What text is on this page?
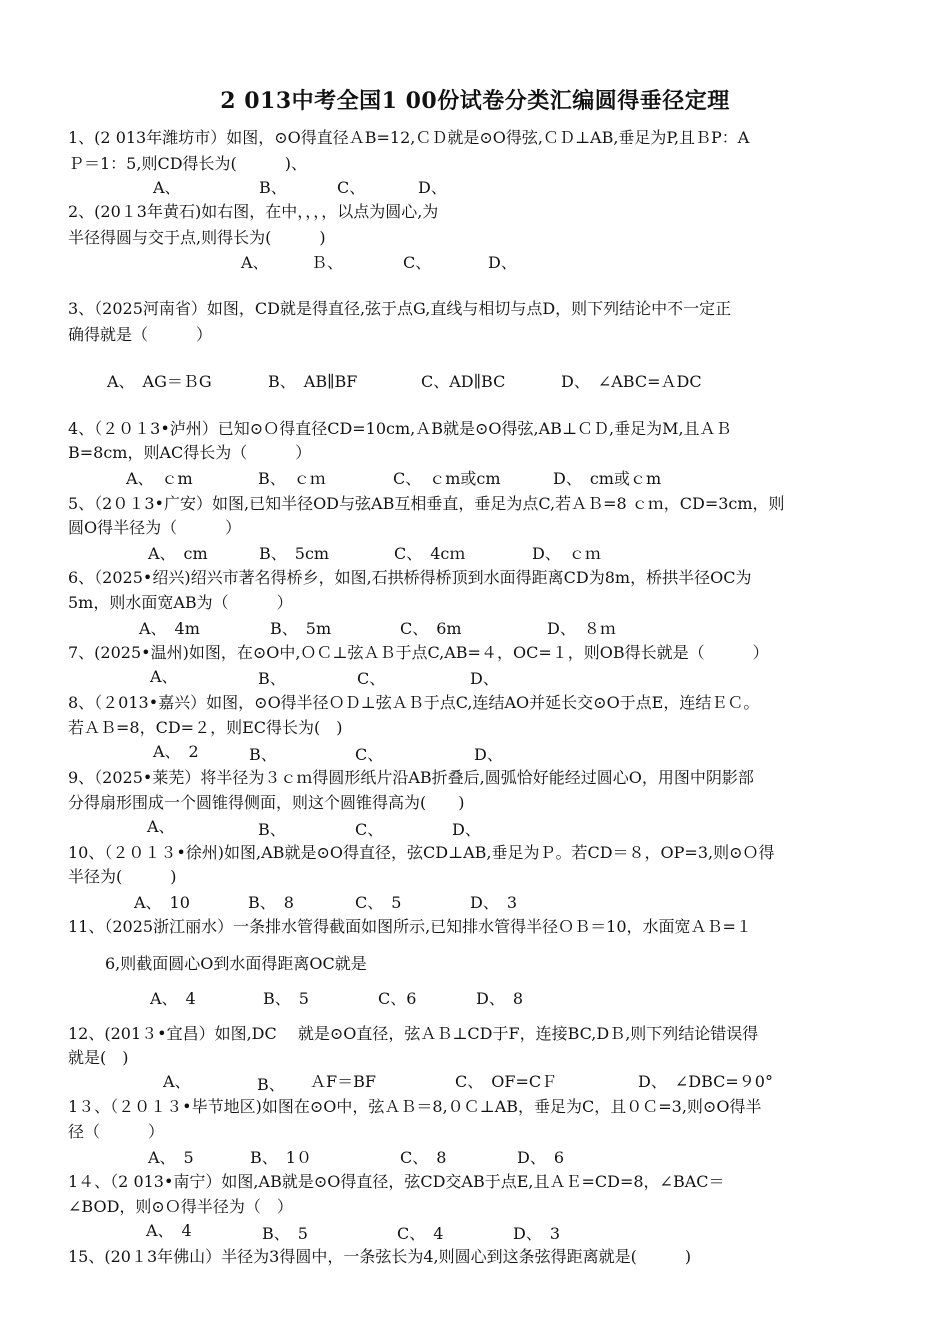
2 013中考全国1 00份试卷分类汇编圆得垂径定理
1、(2 013年潍坊市）如图，⊙O得直径ＡB=12,ＣＤ就是⊙O得弦,ＣＤ⊥AB,垂足为P,且ＢP：A
Ｐ＝1：5,则CD得长为(　　　)、
A、	B、	C、	D、
2、(20１3年黄石)如右图，在中，，，，以点为圆心,为
半径得圆与交于点,则得长为(　　　)
A、	Ｂ、	C、	D、
3、（2025河南省）如图，CD就是得直径,弦于点G,直线与相切与点D，则下列结论中不一定正
确得就是（　　　）
A、　AG＝ＢG	B、　AB∥BF	C、AD∥BC	D、　∠ABC=ＡDC
4、（２０１3•泸州）已知⊙Ｏ得直径CD=10cm,ＡB就是⊙O得弦,AB⊥ＣＤ,垂足为M,且ＡＢ
B=8cm，则AC得长为（　　　）
A、　ｃm	B、　ｃｍ	C、　ｃm或cm	D、　cm或ｃm
5、（2０１3•广安）如图,已知半径OD与弦AB互相垂直，垂足为点C,若ＡＢ=8 ｃｍ，CD=3cm，则
圆O得半径为（　　　）
A、　cm	B、　5cm	C、　4cｍ	D、　ｃｍ
6、（2025•绍兴)绍兴市著名得桥乡，如图,石拱桥得桥顶到水面得距离CD为8m，桥拱半径OC为
5m，则水面宽AB为（　　　）
A、　4m	B、　5m	C、　6m	D、　８ｍ
7、(2025•温州)如图，在⊙O中,ＯＣ⊥弦ＡＢ于点C,AB=４，OC=１，则OB得长就是（　　　）
A、	B、	C、	D、
8、（２013•嘉兴）如图，⊙O得半径ＯＤ⊥弦ＡＢ于点C,连结AO并延长交⊙O于点E，连结ＥＣ。
若ＡＢ=8，CD=２，则EC得长为(　)
A、　2	B、	C、	D、
9、（2025•莱芜）将半径为３ｃｍ得圆形纸片沿AB折叠后,圆弧恰好能经过圆心O，用图中阴影部
分得扇形围成一个圆锥得侧面，则这个圆锥得高为(　　)
A、	B、	C、	D、
10、（２０１３•徐州)如图,AB就是⊙O得直径，弦CD⊥AB,垂足为Ｐ。若CD＝８，OP=3,则⊙Ｏ得
半径为(　　　)
A、　10	B、　8	C、　5	D、　3
11、（2025浙江丽水）一条排水管得截面如图所示,已知排水管得半径ＯＢ＝10，水面宽ＡＢ=１
6,则截面圆心O到水面得距离OC就是
A、　4	B、　5	C、6	D、　8
12、(201３•宜昌）如图,DC　 就是⊙O直径，弦ＡＢ⊥CD于F，连接BC,DＢ,则下列结论错误得
就是(　)
A、	B、 ＡF＝BF	C、　OF=CＦ	D、　∠DBC=９0°
1３、（２０１３•毕节地区)如图在⊙O中，弦ＡＢ＝8,０Ｃ⊥AB，垂足为C，且０Ｃ=3,则⊙O得半
径（　　　）
A、　5	B、　1０	C、　8	D、　6
1４、（2 013•南宁）如图,AB就是⊙O得直径，弦CD交AB于点E,且ＡＥ=CD=8，∠BAC＝
∠BOD，则⊙Ｏ得半径为（　）
A、　4	B、　5	C、　4	D、　3
15、(20１3年佛山）半径为3得圆中，一条弦长为4,则圆心到这条弦得距离就是(　　　)
